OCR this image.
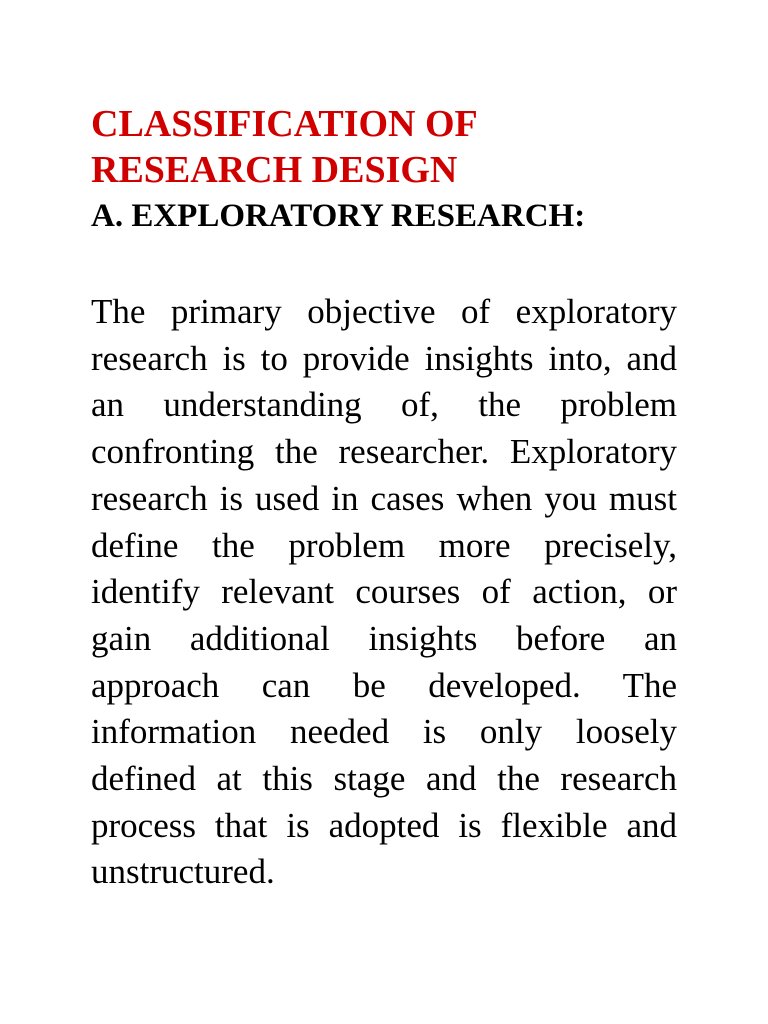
CLASSIFICATION OF RESEARCH DESIGN
A. EXPLORATORY RESEARCH:

The primary objective of exploratory research is to provide insights into, and an understanding of, the problem confronting the researcher. Exploratory research is used in cases when you must define the problem more precisely, identify relevant courses of action, or gain additional insights before an approach can be developed. The information needed is only loosely defined at this stage and the research process that is adopted is flexible and unstructured.
